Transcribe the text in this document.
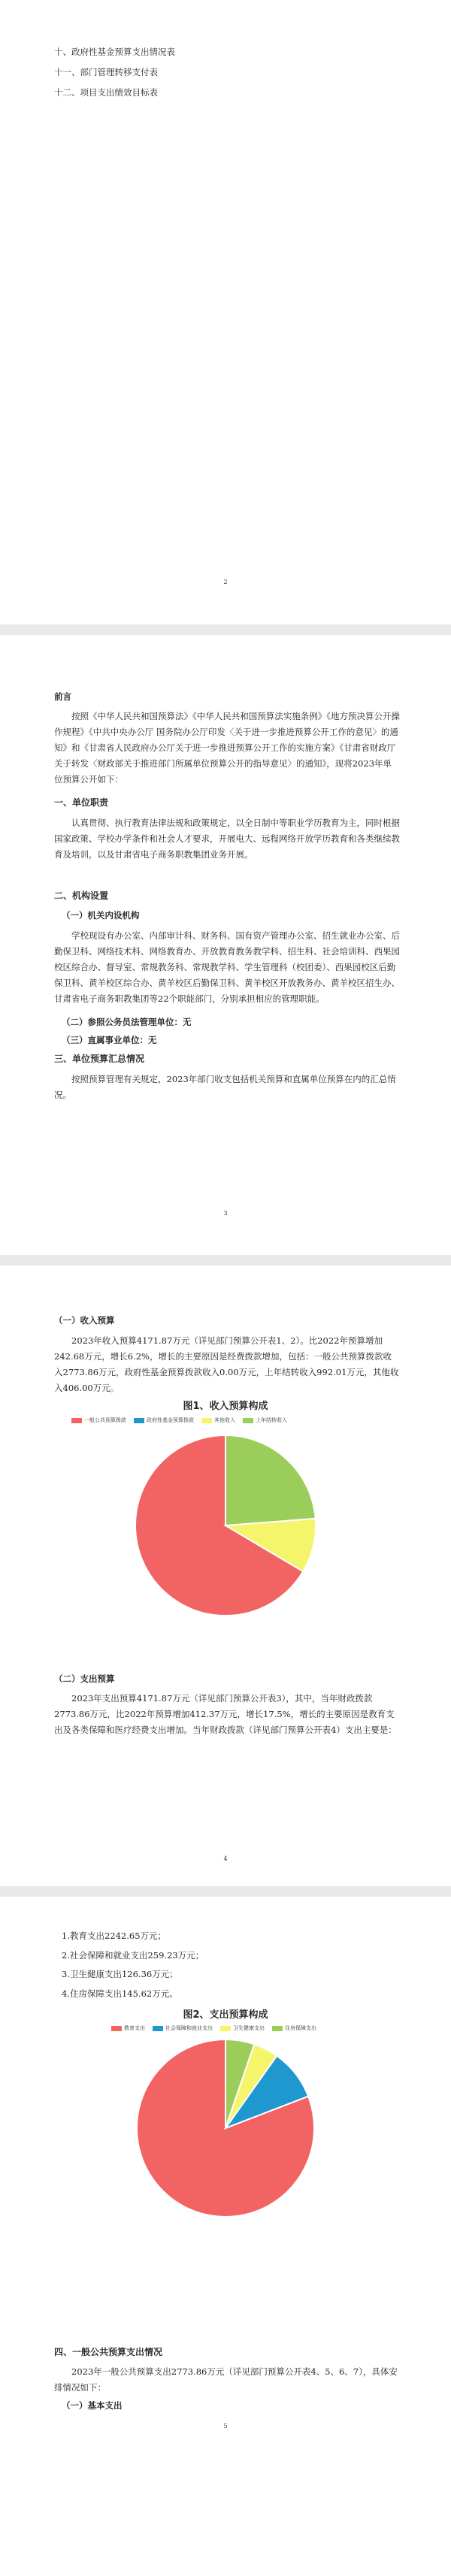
十、政府性基金预算支出情况表
十一、部门管理转移支付表
十二、项目支出绩效目标表
2
前言
按照《中华人民共和国预算法》《中华人民共和国预算法实施条例》《地方预决算公开操作规程》《中共中央办公厅 国务院办公厅印发〈关于进一步推进预算公开工作的意见〉的通知》和《甘肃省人民政府办公厅关于进一步推进预算公开工作的实施方案》《甘肃省财政厅关于转发〈财政部关于推进部门所属单位预算公开的指导意见〉的通知》，现将2023年单位预算公开如下：
一、单位职责
认真贯彻、执行教育法律法规和政策规定，以全日制中等职业学历教育为主，同时根据国家政策、学校办学条件和社会人才要求，开展电大、远程网络开放学历教育和各类继续教育及培训，以及甘肃省电子商务职教集团业务开展。
二、机构设置
（一）机关内设机构
学校现设有办公室、内部审计科、财务科、国有资产管理办公室、招生就业办公室、后勤保卫科、网络技术科、网络教育办、开放教育教务教学科、招生科、社会培训科、西果园校区综合办、督导室、常规教务科、常规教学科、学生管理科（校团委）、西果园校区后勤保卫科、黄羊校区综合办、黄羊校区后勤保卫科、黄羊校区开放教务办、黄羊校区招生办、甘肃省电子商务职教集团等22个职能部门，分别承担相应的管理职能。
（二）参照公务员法管理单位：无
（三）直属事业单位：无
三、单位预算汇总情况
按照预算管理有关规定，2023年部门收支包括机关预算和直属单位预算在内的汇总情况。
3
（一）收入预算
2023年收入预算4171.87万元（详见部门预算公开表1、2）。比2022年预算增加242.68万元，增长6.2%，增长的主要原因是经费拨款增加，包括：一般公共预算拨款收入2773.86万元，政府性基金预算拨款收入0.00万元，上年结转收入992.01万元，其他收入406.00万元。
图1、收入预算构成
一般公共预算拨款	政府性基金预算拨款	其他收入	上年结转收入
（二）支出预算
2023年支出预算4171.87万元（详见部门预算公开表3），其中，当年财政拨款2773.86万元，比2022年预算增加412.37万元，增长17.5%，增长的主要原因是教育支出及各类保障和医疗经费支出增加。当年财政拨款（详见部门预算公开表4）支出主要是：
4
1.教育支出2242.65万元；
2.社会保障和就业支出259.23万元；
3.卫生健康支出126.36万元；
4.住房保障支出145.62万元。
图2、支出预算构成
教育支出	社会保障和就业支出	卫生健康支出	住房保障支出
四、一般公共预算支出情况
2023年一般公共预算支出2773.86万元（详见部门预算公开表4、5、6、7），具体安排情况如下：
（一）基本支出
5
